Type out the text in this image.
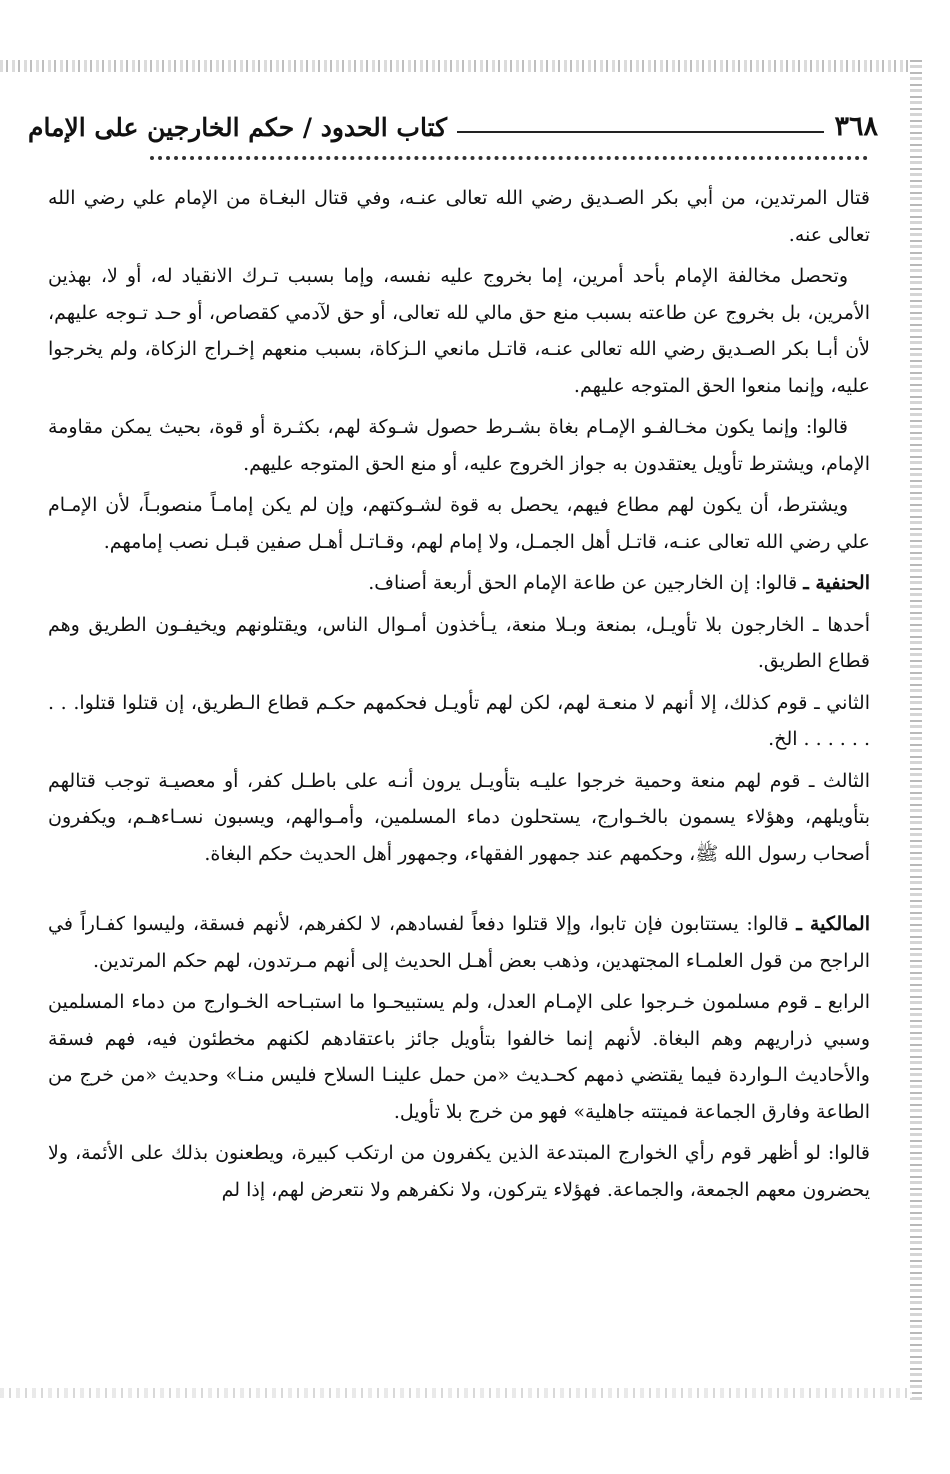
٣٦٨
كتاب الحدود / حكم الخارجين على الإمام

قتال المرتدين، من أبي بكر الصـديق رضي الله تعالى عنـه، وفي قتال البغـاة من الإمام علي رضي الله تعالى عنه.

وتحصل مخالفة الإمام بأحد أمرين، إما بخروج عليه نفسه، وإما بسبب تـرك الانقياد له، أو لا، بهذين الأمرين، بل بخروج عن طاعته بسبب منع حق مالي لله تعالى، أو حق لآدمي كقصاص، أو حـد تـوجه عليهم، لأن أبـا بكر الصـديق رضي الله تعالى عنـه، قاتـل مانعي الـزكاة، بسبب منعهم إخـراج الزكاة، ولم يخرجوا عليه، وإنما منعوا الحق المتوجه عليهم.

قالوا: وإنما يكون مخـالفـو الإمـام بغاة بشـرط حصول شـوكة لهم، بكثـرة أو قوة، بحيث يمكن مقاومة الإمام، ويشترط تأويل يعتقدون به جواز الخروج عليه، أو منع الحق المتوجه عليهم.

ويشترط، أن يكون لهم مطاع فيهم، يحصل به قوة لشـوكتهم، وإن لم يكن إمامـاً منصوبـاً، لأن الإمـام علي رضي الله تعالى عنـه، قاتـل أهل الجمـل، ولا إمام لهم، وقـاتـل أهـل صفين قبـل نصب إمامهم.

الحنفية ـ قالوا: إن الخارجين عن طاعة الإمام الحق أربعة أصناف.

أحدها ـ الخارجون بلا تأويـل، بمنعة وبـلا منعة، يـأخذون أمـوال الناس، ويقتلونهم ويخيفـون الطريق وهم قطاع الطريق.

الثاني ـ قوم كذلك، إلا أنهم لا منعـة لهم، لكن لهم تأويـل فحكمهم حكـم قطاع الـطريق، إن قتلوا قتلوا. . . . . . . . . الخ.

الثالث ـ قوم لهم منعة وحمية خرجوا عليـه بتأويـل يرون أنـه على باطـل كفر، أو معصيـة توجب قتالهم بتأويلهم، وهؤلاء يسمون بالخـوارج، يستحلون دماء المسلمين، وأمـوالهم، ويسبون نسـاءهـم، ويكفرون أصحاب رسول الله ﷺ، وحكمهم عند جمهور الفقهاء، وجمهور أهل الحديث حكم البغاة.

المالكية ـ قالوا: يستتابون فإن تابوا، وإلا قتلوا دفعاً لفسادهم، لا لكفرهم، لأنهم فسقة، وليسوا كفـاراً في الراجح من قول العلمـاء المجتهدين، وذهب بعض أهـل الحديث إلى أنهم مـرتدون، لهم حكم المرتدين.

الرابع ـ قوم مسلمون خـرجوا على الإمـام العدل، ولم يستبيحـوا ما استبـاحه الخـوارج من دماء المسلمين وسبي ذراريهم وهم البغاة. لأنهم إنما خالفوا بتأويل جائز باعتقادهم لكنهم مخطئون فيه، فهم فسقة والأحاديث الـواردة فيما يقتضي ذمهم كحـديث «من حمل علينـا السلاح فليس منـا» وحديث «من خرج من الطاعة وفارق الجماعة فميتته جاهلية» فهو من خرج بلا تأويل.

قالوا: لو أظهر قوم رأي الخوارج المبتدعة الذين يكفرون من ارتكب كبيرة، ويطعنون بذلك على الأئمة، ولا يحضرون معهم الجمعة، والجماعة. فهؤلاء يتركون، ولا نكفرهم ولا نتعرض لهم، إذا لم
